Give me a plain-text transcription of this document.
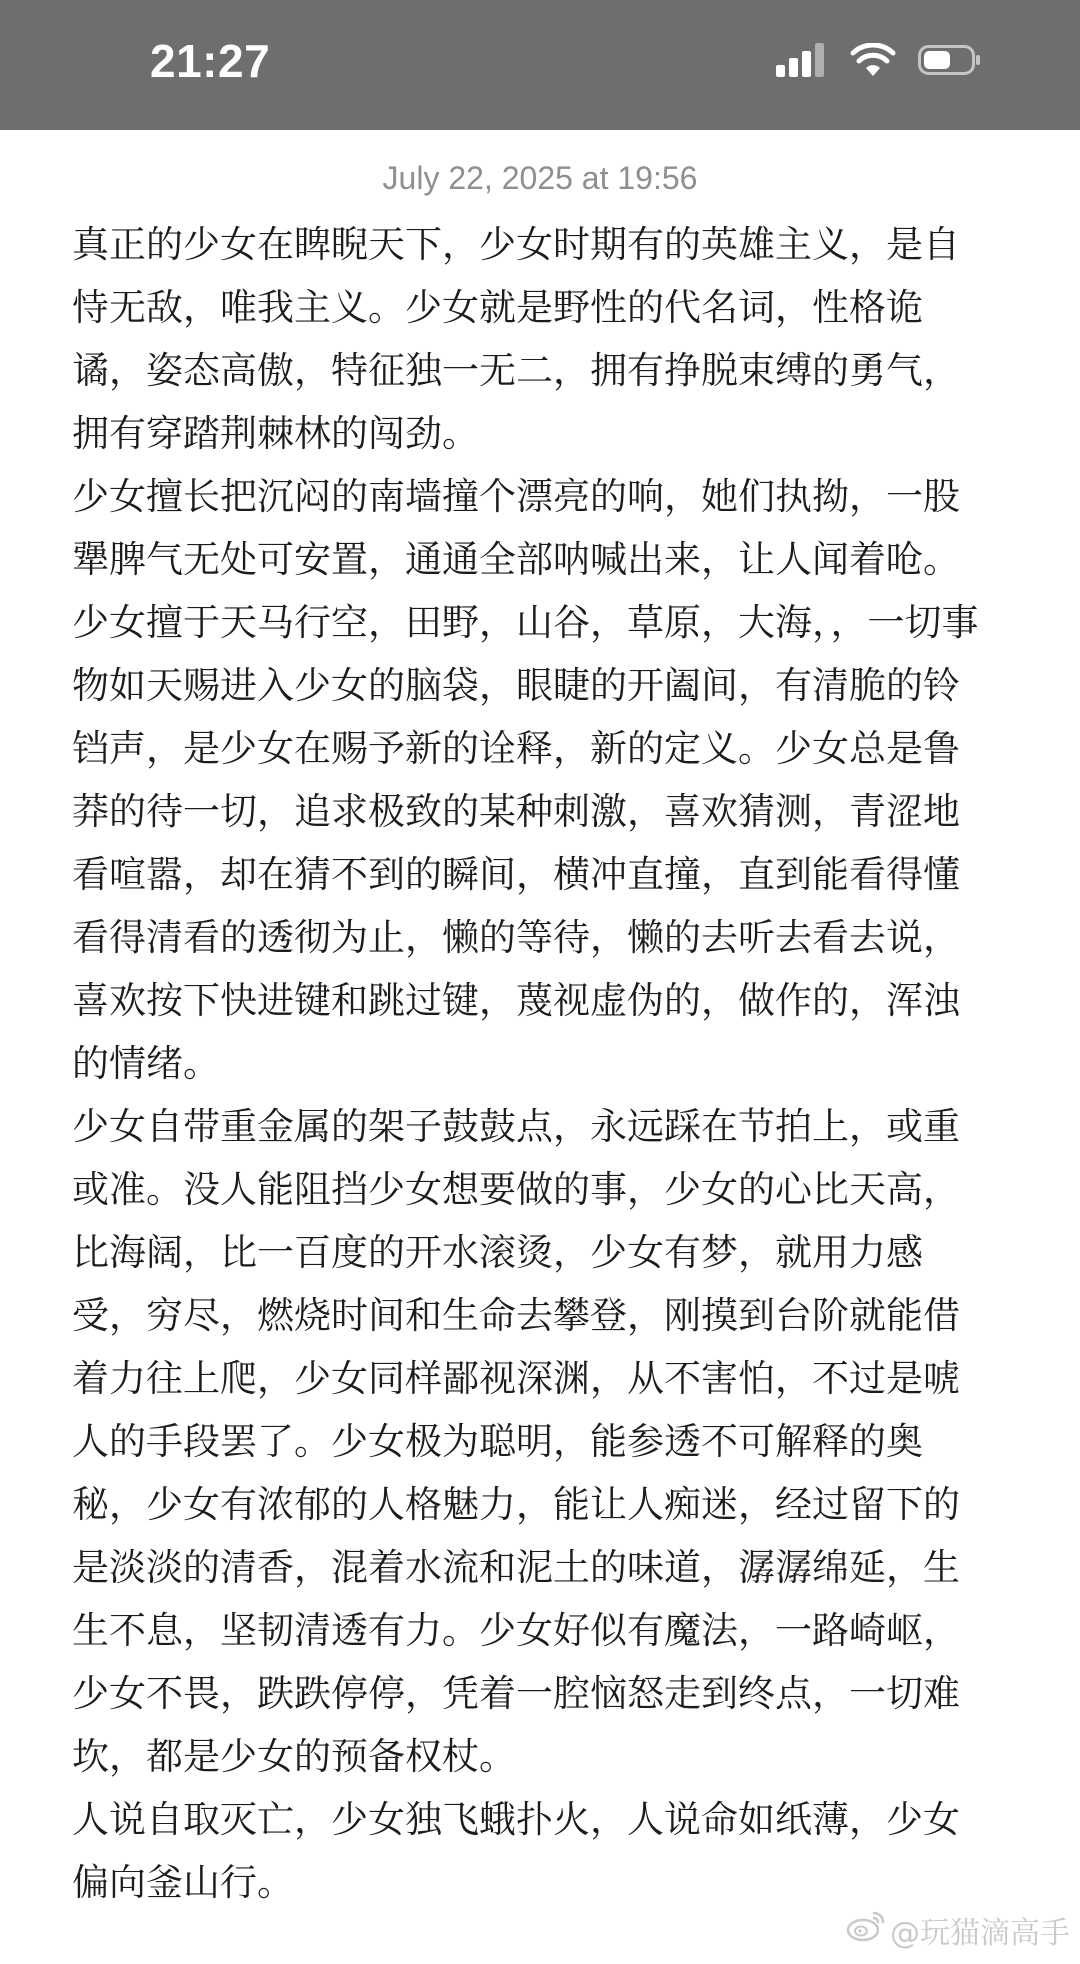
21:27
July 22, 2025 at 19:56

真正的少女在睥睨天下，少女时期有的英雄主义，是自恃无敌，唯我主义。少女就是野性的代名词，性格诡谲，姿态高傲，特征独一无二，拥有挣脱束缚的勇气，拥有穿踏荆棘林的闯劲。

少女擅长把沉闷的南墙撞个漂亮的响，她们执拗，一股犟脾气无处可安置，通通全部呐喊出来，让人闻着呛。少女擅于天马行空，田野，山谷，草原，大海，，一切事物如天赐进入少女的脑袋，眼睫的开阖间，有清脆的铃铛声，是少女在赐予新的诠释，新的定义。少女总是鲁莽的待一切，追求极致的某种刺激，喜欢猜测，青涩地看喧嚣，却在猜不到的瞬间，横冲直撞，直到能看得懂看得清看的透彻为止，懒的等待，懒的去听去看去说，喜欢按下快进键和跳过键，蔑视虚伪的，做作的，浑浊的情绪。

少女自带重金属的架子鼓鼓点，永远踩在节拍上，或重或准。没人能阻挡少女想要做的事，少女的心比天高，比海阔，比一百度的开水滚烫，少女有梦，就用力感受，穷尽，燃烧时间和生命去攀登，刚摸到台阶就能借着力往上爬，少女同样鄙视深渊，从不害怕，不过是唬人的手段罢了。少女极为聪明，能参透不可解释的奥秘，少女有浓郁的人格魅力，能让人痴迷，经过留下的是淡淡的清香，混着水流和泥土的味道，潺潺绵延，生生不息，坚韧清透有力。少女好似有魔法，一路崎岖，少女不畏，跌跌停停，凭着一腔恼怒走到终点，一切难坎，都是少女的预备权杖。

人说自取灭亡，少女独飞蛾扑火，人说命如纸薄，少女偏向釜山行。

@玩猫滴高手
